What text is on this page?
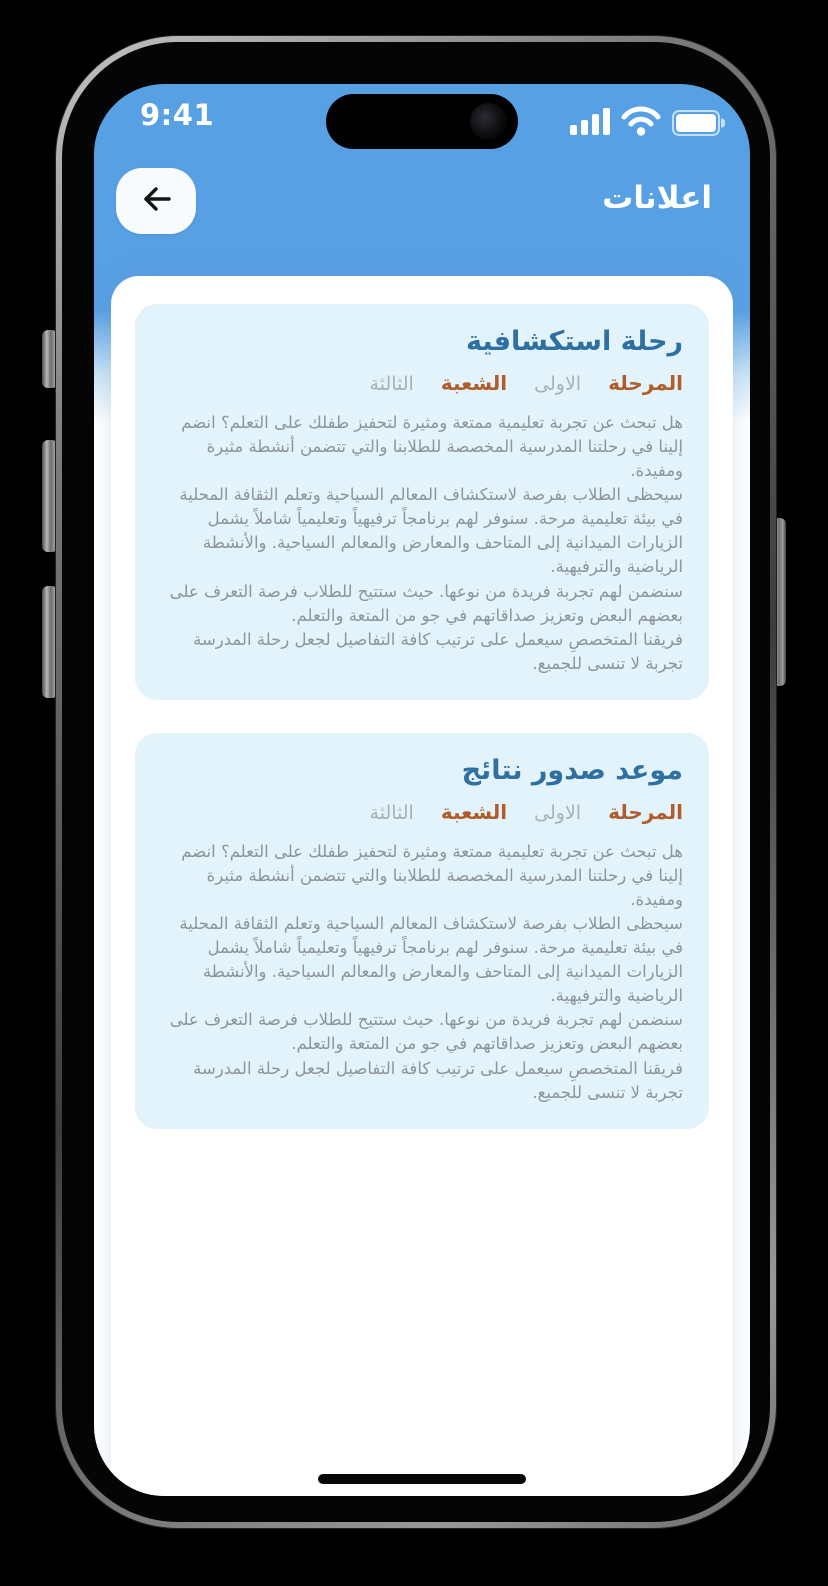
9:41
اعلانات
رحلة استكشافية
المرحلة
الاولى
الشعبة
الثالثة

هل تبحث عن تجربة تعليمية ممتعة ومثيرة لتحفيز طفلك على التعلم؟ انضم إلينا في رحلتنا المدرسية المخصصة للطلابنا والتي تتضمن أنشطة مثيرة ومفيدة.

سيحظى الطلاب بفرصة لاستكشاف المعالم السياحية وتعلم الثقافة المحلية في بيئة تعليمية مرحة. سنوفر لهم برنامجاً ترفيهياً وتعليمياً شاملاً يشمل الزيارات الميدانية إلى المتاحف والمعارض والمعالم السياحية. والأنشطة الرياضية والترفيهية.

سنضمن لهم تجربة فريدة من نوعها. حيث ستتيح للطلاب فرصة التعرف على بعضهم البعض وتعزيز صداقاتهم في جو من المتعة والتعلم.

فريقنا المتخصصِ سيعمل على ترتيب كافة التفاصيل لجعل رحلة المدرسة تجربة لا تنسى للجميع.

موعد صدور نتائج
المرحلة
الاولى
الشعبة
الثالثة

هل تبحث عن تجربة تعليمية ممتعة ومثيرة لتحفيز طفلك على التعلم؟ انضم إلينا في رحلتنا المدرسية المخصصة للطلابنا والتي تتضمن أنشطة مثيرة ومفيدة.

سيحظى الطلاب بفرصة لاستكشاف المعالم السياحية وتعلم الثقافة المحلية في بيئة تعليمية مرحة. سنوفر لهم برنامجاً ترفيهياً وتعليمياً شاملاً يشمل الزيارات الميدانية إلى المتاحف والمعارض والمعالم السياحية. والأنشطة الرياضية والترفيهية.

سنضمن لهم تجربة فريدة من نوعها. حيث ستتيح للطلاب فرصة التعرف على بعضهم البعض وتعزيز صداقاتهم في جو من المتعة والتعلم.

فريقنا المتخصصِ سيعمل على ترتيب كافة التفاصيل لجعل رحلة المدرسة تجربة لا تنسى للجميع.
